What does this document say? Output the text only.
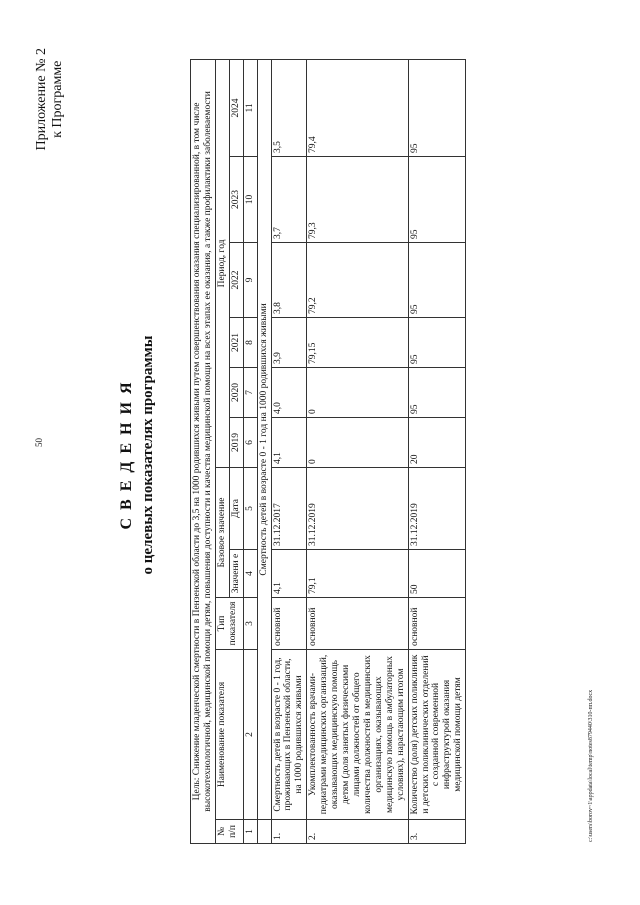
50
c:\users\borov~1\appdata\local\temp\notes879440\310-пп.docx
Приложение № 2 к Программе
С В Е Д Е Н И Я о целевых показателях программы	Цель: Снижение младенческой смертности в Пензенской области до 3,5 на 1000 родившихся живыми путем совершенствования оказания специализированной, в том числе высокотехнологичной, медицинской помощи детям, повышения доступности и качества медицинской помощи на всех этапах ее оказания, а также профилактики заболеваемости										
№ п/п	Наименование показателя	Тип показателя	Базовое значение		Период, год					
			Значени е	Дата	2019	2020	2021	2022	2023	2024
1	2	3	4	5	6	7	8	9	10	11
	Смертность детей в возрасте 0 - 1 год на 1000 родившихся живыми									
1.	Смертность детей в возрасте 0 - 1 год, проживающих в Пензенской области, на 1000 родившихся живыми	основной	4,1	31.12.2017	4,1	4,0	3,9	3,8	3,7	3,5
2.	Укомплектованность врачами-педиатрами медицинских организаций, оказывающих медицинскую помощь детям (доля занятых физическими лицами должностей от общего количества должностей в медицинских организациях, оказывающих медицинскую помощь в амбулаторных условиях), нарастающим итогом	основной	79,1	31.12.2019	0	0	79,15	79,2	79,3	79,4
3.	Количество (доля) детских поликлиник и детских поликлинических отделений с созданной современной инфраструктурой оказания медицинской помощи детям	основной	50	31.12.2019	20	95	95	95	95	95
